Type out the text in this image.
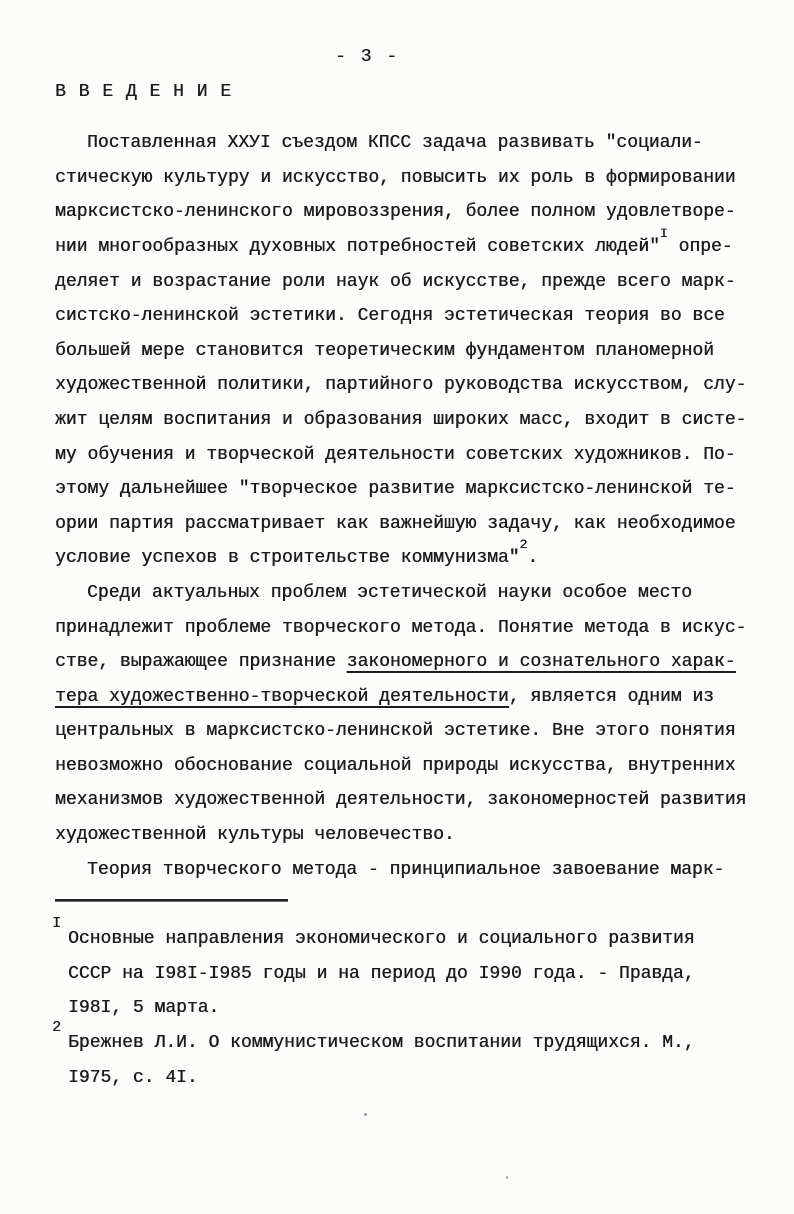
- 3 -
В В Е Д Е Н И Е
Поставленная ХХУІ съездом КПСС задача развивать "социали-
стическую культуру и искусство, повысить их роль в формировании
марксистско-ленинского мировоззрения, более полном удовлетворе-
нии многообразных духовных потребностей советских людей"$^I$ опре-
деляет и возрастание роли наук об искусстве, прежде всего марк-
систско-ленинской эстетики. Сегодня эстетическая теория во все
большей мере становится теоретическим фундаментом планомерной
художественной политики, партийного руководства искусством, слу-
жит целям воспитания и образования широких масс, входит в систе-
му обучения и творческой деятельности советских художников. По-
этому дальнейшее "творческое развитие марксистско-ленинской те-
ории партия рассматривает как важнейшую задачу, как необходимое
условие успехов в строительстве коммунизма"$^2$.
Среди актуальных проблем эстетической науки особое место
принадлежит проблеме творческого метода. Понятие метода в искус-
стве, выражающее признание закономерного и сознательного харак-
тера художественно-творческой деятельности, является одним из
центральных в марксистско-ленинской эстетике. Вне этого понятия
невозможно обоснование социальной природы искусства, внутренних
механизмов художественной деятельности, закономерностей развития
художественной культуры человечество.
Теория творческого метода - принципиальное завоевание марк-
I
Основные направления экономического и социального развития
СССР на I98I-I985 годы и на период до I990 года. - Правда,
I98I, 5 марта.
2
Брежнев Л.И. О коммунистическом воспитании трудящихся. М.,
I975, с. 4I.
